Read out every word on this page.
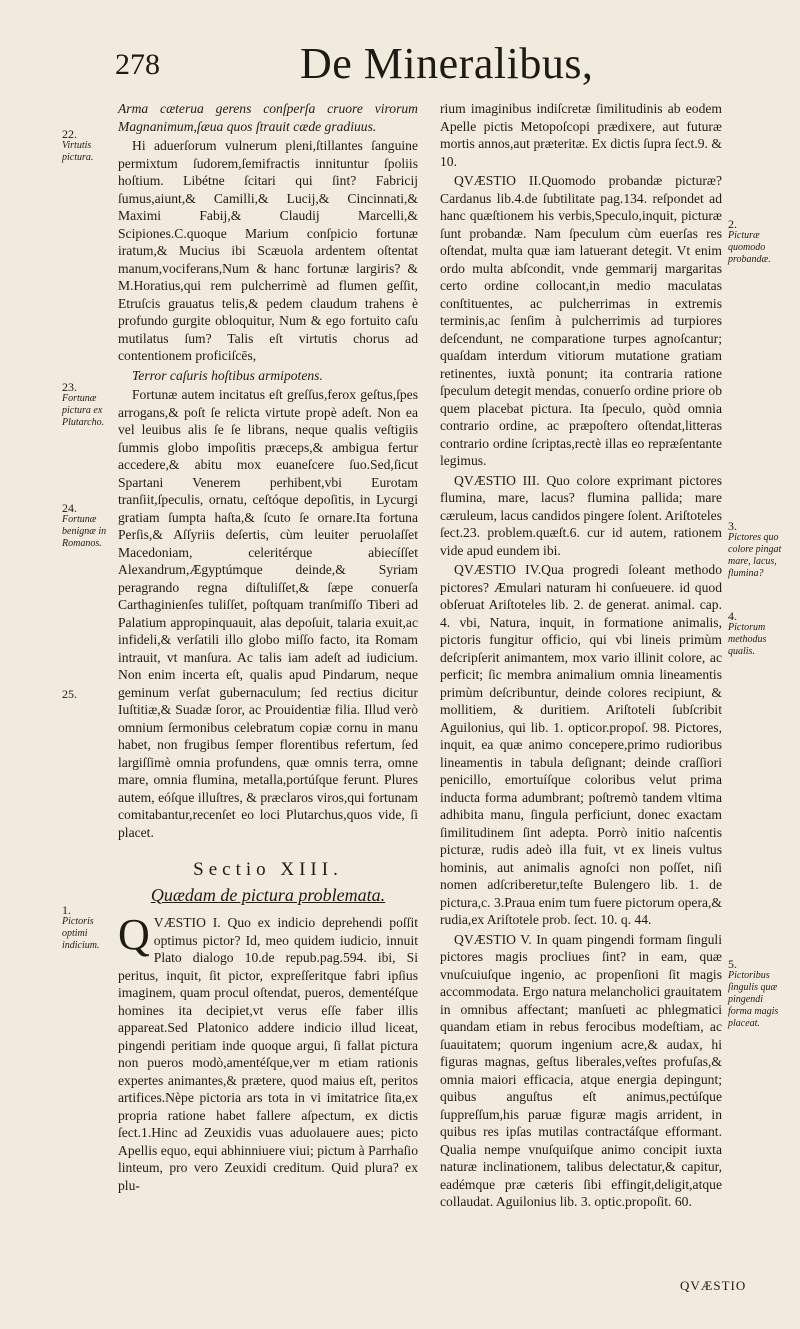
278	De Mineralibus,
22.
Virtutis pictura.
23.
Fortunæ pictura ex Plutarcho.
24.
Fortunæ benignæ in Romanos.
25.
1.
Pictoris optimi indicium.
2.
Picturæ quomodo probandæ.
3.
Pictores quo colore pingat mare, lacus, flumina?
4.
Pictorum methodus qualis.
5.
Pictoribus ſingulis quæ pingendi forma magis placeat.

Arma cæterua gerens conſperſa cruore virorum Magnanimum,ſæua quos ſtrauit cæde gradiuus.

Hi aduerſorum vulnerum pleni,ſtillantes ſanguine permixtum ſudorem,ſemifractis innituntur ſpoliis hoſtium. Libétne ſcitari qui ſint? Fabricij ſumus,aiunt,& Camilli,& Lucij,& Cincinnati,& Maximi Fabij,& Claudij Marcelli,& Scipiones.C.quoque Marium conſpicio fortunæ iratum,& Mucius ibi Scæuola ardentem oſtentat manum,vociferans,Num & hanc fortunæ largiris? & M.Horatius,qui rem pulcherrimè ad flumen geſſit, Etruſcis grauatus telis,& pedem claudum trahens è profundo gurgite obloquitur, Num & ego fortuito caſu mutilatus ſum? Talis eſt virtutis chorus ad contentionem proficiſcēs,

Terror caſuris hoſtibus armipotens.

Fortunæ autem incitatus eſt greſſus,ferox geſtus,ſpes arrogans,& poſt ſe relicta virtute propè adeſt. Non ea vel leuibus alis ſe ſe librans, neque qualis veſtigiis ſummis globo impoſitis præceps,& ambigua fertur accedere,& abitu mox euaneſcere ſuo.Sed,ſicut Spartani Venerem perhibent,vbi Eurotam tranſiit,ſpeculis, ornatu, ceſtóque depoſitis, in Lycurgi gratiam ſumpta haſta,& ſcuto ſe ornare.Ita fortuna Perſis,& Aſſyriis deſertis, cùm leuiter peruolaſſet Macedoniam, celeritérque abiecíſſet Alexandrum,Ægyptúmque deinde,& Syriam peragrando regna diſtuliſſet,& ſæpe conuerſa Carthaginienſes tuliſſet, poſtquam tranſmiſſo Tiberi ad Palatium appropinquauit, alas depoſuit, talaria exuit,ac infideli,& verſatili illo globo miſſo facto, ita Romam intrauit, vt manſura. Ac talis iam adeſt ad iudicium. Non enim incerta eſt, qualis apud Pindarum, neque geminum verſat gubernaculum; ſed rectius dicitur Iuſtitiæ,& Suadæ ſoror, ac Prouidentiæ filia. Illud verò omnium ſermonibus celebratum copiæ cornu in manu habet, non frugibus ſemper florentibus refertum, ſed largiſſimè omnia profundens, quæ omnis terra, omne mare, omnia flumina, metalla,portúſque ferunt. Plures autem, eóſque illuſtres, & præclaros viros,qui fortunam comitabantur,recenſet eo loci Plutarchus,quos vide, ſi placet.

Sectio XIII.
Quædam de pictura problemata.

QVÆSTIO I. Quo ex indicio deprehendi poſſit optimus pictor? Id, meo quidem iudicio, innuit Plato dialogo 10.de repub.pag.594. ibi, Si peritus, inquit, ſit pictor, expreſſeritque fabri ipſius imaginem, quam procul oſtendat, pueros, dementéſque homines ita decipiet,vt verus eſſe faber illis appareat.Sed Platonico addere indicio illud liceat, pingendi peritiam inde quoque argui, ſi fallat pictura non pueros modò,amentéſque,ver m etiam rationis expertes animantes,& prætere, quod maius eſt, peritos artifices.Nèpe pictoria ars tota in vi imitatrice ſita,ex propria ratione habet fallere aſpectum, ex dictis ſect.1.Hinc ad Zeuxidis vuas aduolauere aues; picto Apellis equo, equi abhinniuere viui; pictum à Parrhaſio linteum, pro vero Zeuxidi creditum. Quid plura? ex plu-

rium imaginibus indiſcretæ ſimilitudinis ab eodem Apelle pictis Metopoſcopi prædixere, aut futuræ mortis annos,aut præteritæ. Ex dictis ſupra ſect.9. & 10.

QVÆSTIO II.Quomodo probandæ picturæ? Cardanus lib.4.de ſubtilitate pag.134. reſpondet ad hanc quæſtionem his verbis,Speculo,inquit, picturæ ſunt probandæ. Nam ſpeculum cùm euerſas res oſtendat, multa quæ iam latuerant detegit. Vt enim ordo multa abſcondit, vnde gemmarij margaritas certo ordine collocant,in medio maculatas conſtituentes, ac pulcherrimas in extremis terminis,ac ſenſim à pulcherrimis ad turpiores deſcendunt, ne comparatione turpes agnoſcantur; quaſdam interdum vitiorum mutatione gratiam retinentes, iuxtà ponunt; ita contraria ratione ſpeculum detegit mendas, conuerſo ordine priore ob quem placebat pictura. Ita ſpeculo, quòd omnia contrario ordine, ac præpoſtero oſtendat,litteras contrario ordine ſcriptas,rectè illas eo repræſentante legimus.

QVÆSTIO III. Quo colore exprimant pictores flumina, mare, lacus? flumina pallida; mare cæruleum, lacus candidos pingere ſolent. Ariſtoteles ſect.23. problem.quæſt.6. cur id autem, rationem vide apud eundem ibi.

QVÆSTIO IV.Qua progredi ſoleant methodo pictores? Æmulari naturam hi conſueuere. id quod obſeruat Ariſtoteles lib. 2. de generat. animal. cap. 4. vbi, Natura, inquit, in formatione animalis, pictoris fungitur officio, qui vbi lineis primùm deſcripſerit animantem, mox vario illinit colore, ac perficit; ſic membra animalium omnia lineamentis primùm deſcribuntur, deinde colores recipiunt, & mollitiem, & duritiem. Ariſtoteli ſubſcribit Aguilonius, qui lib. 1. opticor.propoſ. 98. Pictores, inquit, ea quæ animo concepere,primo rudioribus lineamentis in tabula deſignant; deinde craſſiori penicillo, emortuíſque coloribus velut prima inducta forma adumbrant; poſtremò tandem vltima adhibita manu, ſingula perficiunt, donec exactam ſimilitudinem ſint adepta. Porrò initio naſcentis picturæ, rudis adeò illa fuit, vt ex lineis vultus hominis, aut animalis agnoſci non poſſet, niſi nomen adſcriberetur,teſte Bulengero lib. 1. de pictura,c. 3.Praua enim tum fuere pictorum opera,& rudia,ex Ariſtotele prob. ſect. 10. q. 44.

QVÆSTIO V. In quam pingendi formam ſinguli pictores magis procliues ſint? in eam, quæ vnuſcuiuſque ingenio, ac propenſioni ſit magis accommodata. Ergo natura melancholici grauitatem in omnibus affectant; manſueti ac phlegmatici quandam etiam in rebus ferocibus modeſtiam, ac ſuauitatem; quorum ingenium acre,& audax, hi figuras magnas, geſtus liberales,veſtes profuſas,& omnia maiori efficacia, atque energia depingunt; quibus anguſtus eſt animus,pectúſque ſuppreſſum,his paruæ figuræ magis arrident, in quibus res ipſas mutilas contractáſque efformant. Qualia nempe vnuſquiſque animo concipit iuxta naturæ inclinationem, talibus delectatur,& capitur, eadémque præ cæteris ſibi effingit,deligit,atque collaudat. Aguilonius lib. 3. optic.propoſit. 60.

QVÆSTIO
